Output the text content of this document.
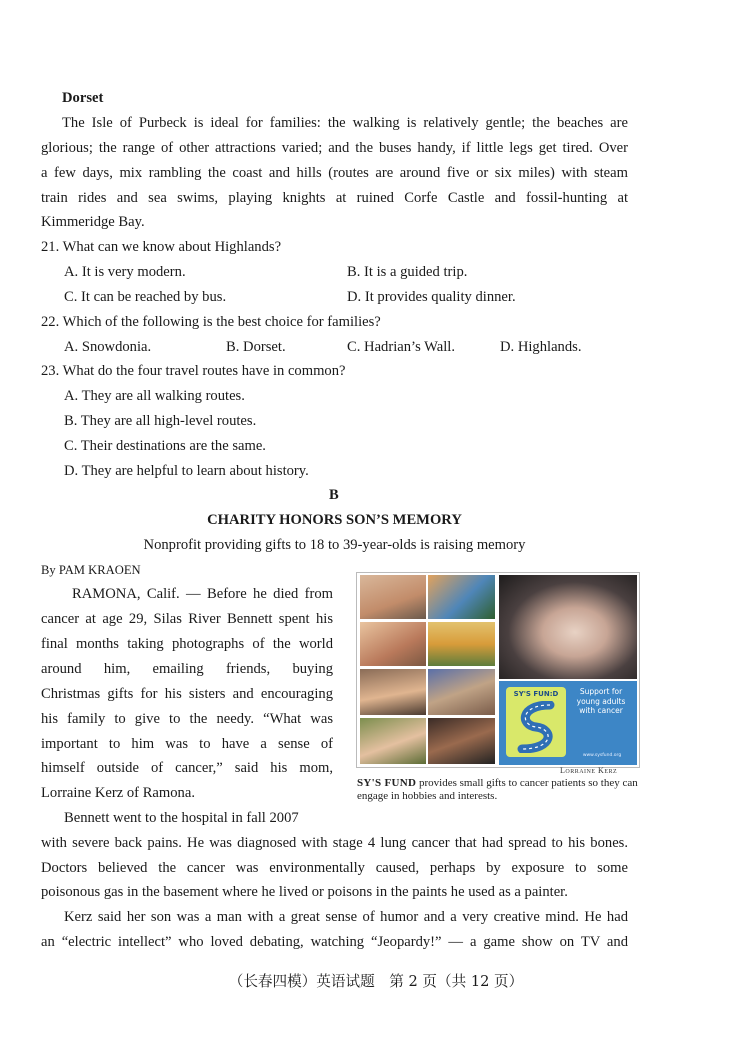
Dorset
The Isle of Purbeck is ideal for families: the walking is relatively gentle; the beaches are
glorious; the range of other attractions varied; and the buses handy, if little legs get tired. Over
a few days, mix rambling the coast and hills (routes are around five or six miles) with steam
train rides and sea swims, playing knights at ruined Corfe Castle and fossil-hunting at
Kimmeridge Bay.
21. What can we know about Highlands?
A. It is very modern.	B. It is a guided trip.
C. It can be reached by bus.	D. It provides quality dinner.
22. Which of the following is the best choice for families?
A. Snowdonia.	B. Dorset.	C. Hadrian’s Wall.	D. Highlands.
23. What do the four travel routes have in common?
A. They are all walking routes.
B. They are all high-level routes.
C. Their destinations are the same.
D. They are helpful to learn about history.
B
CHARITY HONORS SON’S MEMORY
Nonprofit providing gifts to 18 to 39-year-olds is raising memory
By PAM KRAOEN
RAMONA, Calif. — Before he died from
cancer at age 29, Silas River Bennett spent his
final months taking photographs of the world
around him, emailing friends, buying
Christmas gifts for his sisters and encouraging
his family to give to the needy. “What was
important to him was to have a sense of
himself outside of cancer,” said his mom,
Lorraine Kerz of Ramona.
Bennett went to the hospital in fall 2007
SY'S FUN:D	Support for young adults with cancer
www.sysfund.org
Lorraine Kerz
SY'S FUND provides small gifts to cancer patients so they can engage in hobbies and interests.
with severe back pains. He was diagnosed with stage 4 lung cancer that had spread to his bones.
Doctors believed the cancer was environmentally caused, perhaps by exposure to some
poisonous gas in the basement where he lived or poisons in the paints he used as a painter.
Kerz said her son was a man with a great sense of humor and a very creative mind. He had
an “electric intellect” who loved debating, watching “Jeopardy!” — a game show on TV and
（长春四模）英语试题　第 2 页（共 12 页）
